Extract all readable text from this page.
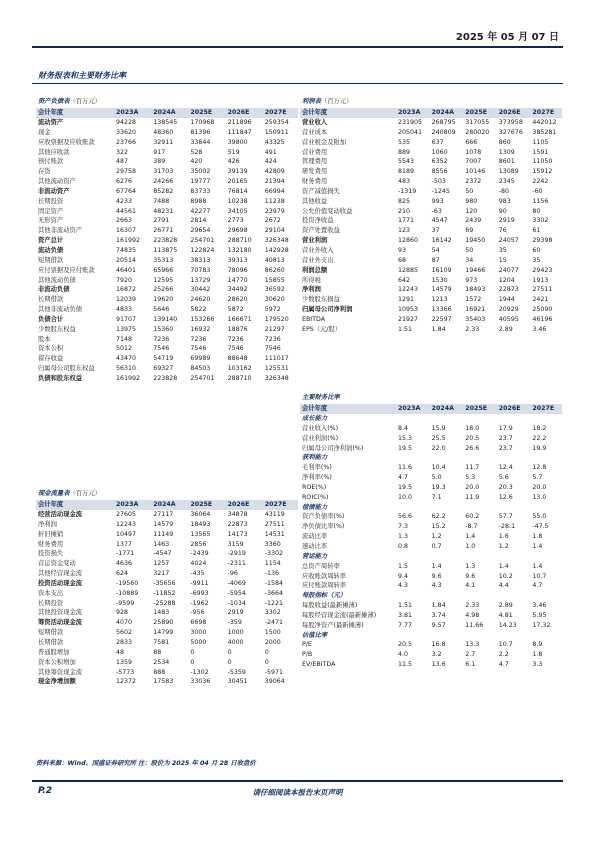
2025 年 05 月 07 日
财务报表和主要财务比率
资产负债表（百万元）
会计年度	2023A	2024A	2025E	2026E	2027E
流动资产	94228	138545	170968	211896	259354
现金	33620	48360	81396	111847	150911
应收票据及应收账款	23766	32911	33844	39800	43325
其他应收款	322	917	528	519	491
预付账款	487	389	420	426	424
存货	29758	31703	35002	39139	42809
其他流动资产	6276	24266	19777	20165	21394
非流动资产	67764	85282	83733	76814	66994
长期投资	4233	7488	8988	10238	11238
固定资产	44561	48231	42277	34105	23979
无形资产	2663	2791	2814	2773	2672
其他非流动资产	16307	26771	29654	29698	29104
资产总计	161992	223828	254701	288710	326348
流动负债	74835	113875	122824	132180	142928
短期借款	20514	35313	38313	39313	40813
应付票据及应付账款	46401	65966	70783	78096	86260
其他流动负债	7920	12595	13729	14770	15855
非流动负债	16872	25266	30442	34492	36592
长期借款	12039	19620	24620	28620	30620
其他非流动负债	4833	5646	5822	5872	5972
负债合计	91707	139140	153266	166671	179520
少数股东权益	13975	15360	16932	18876	21297
股本	7148	7236	7236	7236	7236
资本公积	5012	7546	7546	7546	7546
留存收益	43470	54719	69989	88648	111017
归属母公司股东权益	56310	69327	84503	103162	125531
负债和股东权益	161992	223828	254701	288710	326348
利润表（百万元）
会计年度	2023A	2024A	2025E	2026E	2027E
营业收入	231905	268795	317055	373958	442012
营业成本	205041	240809	280020	327676	385281
营业税金及附加	535	637	666	860	1105
营业费用	889	1060	1078	1309	1591
管理费用	5543	6352	7007	8601	11050
研发费用	8189	8556	10146	13089	15912
财务费用	483	-503	2372	2345	2242
资产减值损失	-1319	-1245	50	-80	-60
其他收益	825	993	980	983	1156
公允价值变动收益	210	-63	120	90	80
投资净收益	1771	4547	2439	2919	3302
资产处置收益	123	37	69	76	61
营业利润	12860	16142	19450	24057	29398
营业外收入	93	54	50	35	60
营业外支出	68	87	34	15	35
利润总额	12885	16109	19466	24077	29423
所得税	642	1530	973	1204	1913
净利润	12243	14579	18493	22873	27511
少数股东损益	1291	1213	1572	1944	2421
归属母公司净利润	10953	13366	16921	20929	25090
EBITDA	21927	22597	35403	40595	46196
EPS（元/股）	1.51	1.84	2.33	2.89	3.46
现金流量表（百万元）
会计年度	2023A	2024A	2025E	2026E	2027E
经营活动现金流	27605	27117	36064	34878	43119
净利润	12243	14579	18493	22873	27511
折旧摊销	10497	11149	13565	14173	14531
财务费用	1377	1463	2856	3159	3360
投资损失	-1771	-4547	-2439	-2919	-3302
营运资金变动	4636	1257	4024	-2311	1154
其他经营现金流	624	3217	-435	-96	-136
投资活动现金流	-19560	-35656	-9911	-4069	-1584
资本支出	-10889	-11852	-6993	-5954	-3664
长期投资	-9599	-25288	-1962	-1034	-1221
其他投资现金流	928	1483	-956	2919	3302
筹资活动现金流	4070	25890	6698	-359	-2471
短期借款	5602	14799	3000	1000	1500
长期借款	2833	7581	5000	4000	2000
普通股增加	48	88	0	0	0
资本公积增加	1359	2534	0	0	0
其他筹资现金流	-5773	888	-1302	-5359	-5971
现金净增加额	12372	17583	33036	30451	39064
主要财务比率
会计年度	2023A	2024A	2025E	2026E	2027E
成长能力
营业收入(%)	8.4	15.9	18.0	17.9	18.2
营业利润(%)	15.3	25.5	20.5	23.7	22.2
归属母公司净利润(%)	19.5	22.0	26.6	23.7	19.9
获利能力
毛利率(%)	11.6	10.4	11.7	12.4	12.8
净利率(%)	4.7	5.0	5.3	5.6	5.7
ROE(%)	19.5	19.3	20.0	20.3	20.0
ROIC(%)	10.0	7.1	11.9	12.6	13.0
偿债能力
资产负债率(%)	56.6	62.2	60.2	57.7	55.0
净负债比率(%)	7.3	15.2	-8.7	-28.1	-47.5
流动比率	1.3	1.2	1.4	1.6	1.8
速动比率	0.8	0.7	1.0	1.2	1.4
营运能力
总资产周转率	1.5	1.4	1.3	1.4	1.4
应收账款周转率	9.4	9.6	9.6	10.2	10.7
应付账款周转率	4.3	4.3	4.1	4.4	4.7
每股指标（元）
每股收益(最新摊薄)	1.51	1.84	2.33	2.89	3.46
每股经营现金流(最新摊薄)	3.81	3.74	4.98	4.81	5.95
每股净资产(最新摊薄)	7.77	9.57	11.66	14.23	17.32
估值比率
P/E	20.5	16.8	13.3	10.7	8.9
P/B	4.0	3.2	2.7	2.2	1.8
EV/EBITDA	11.5	13.6	6.1	4.7	3.3
资料来源：Wind、国盛证券研究所 注：股价为 2025 年 04 月 28 日收盘价
P.2	请仔细阅读本报告末页声明
